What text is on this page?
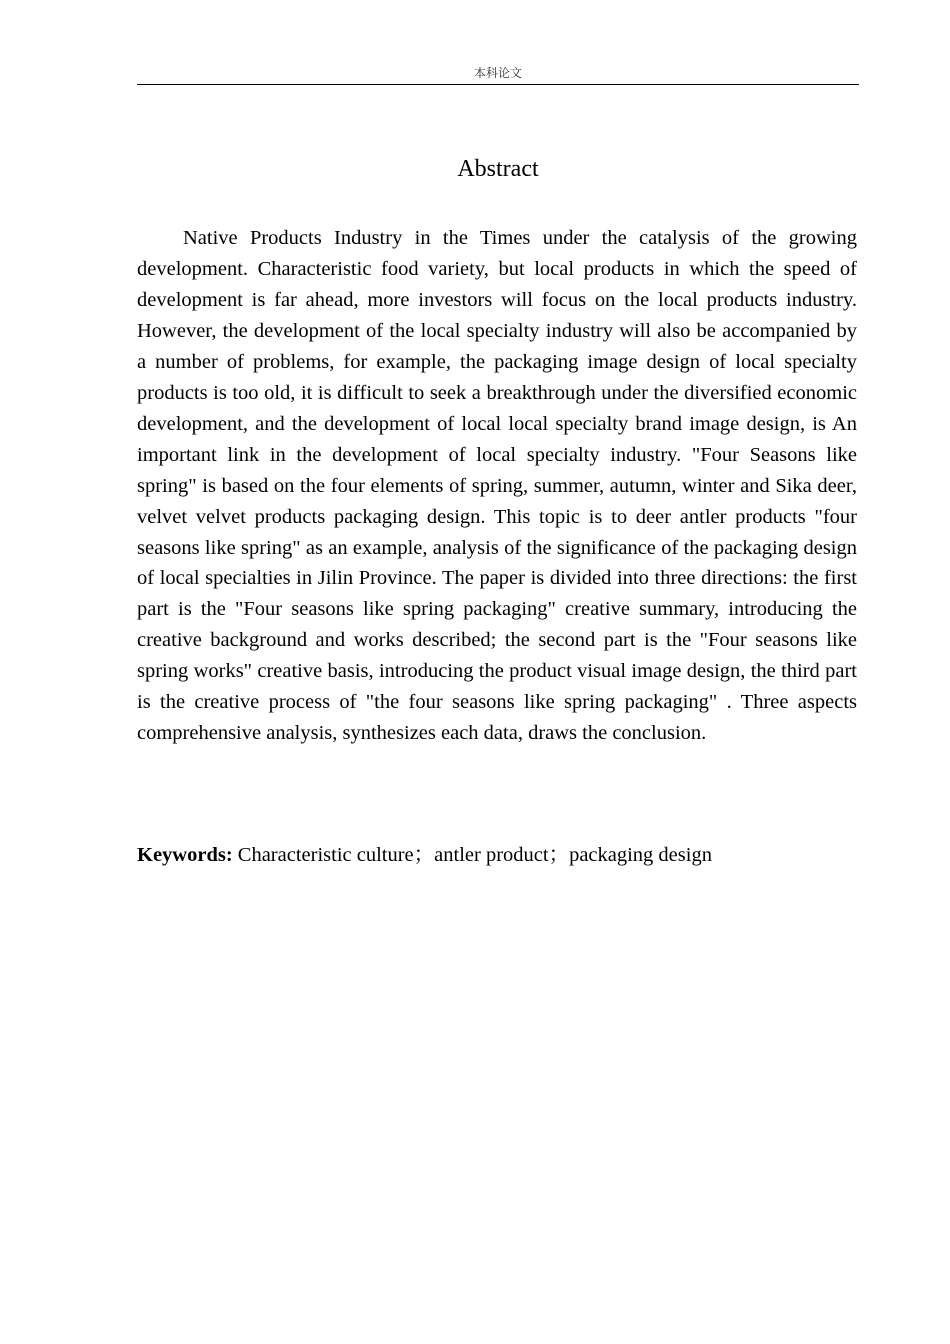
本科论文
Abstract

Native Products Industry in the Times under the catalysis of the growing development. Characteristic food variety, but local products in which the speed of development is far ahead, more investors will focus on the local products industry. However, the development of the local specialty industry will also be accompanied by a number of problems, for example, the packaging image design of local specialty products is too old, it is difficult to seek a breakthrough under the diversified economic development, and the development of local local specialty brand image design, is An important link in the development of local specialty industry. "Four Seasons like spring" is based on the four elements of spring, summer, autumn, winter and Sika deer, velvet velvet products packaging design. This topic is to deer antler products "four seasons like spring" as an example, analysis of the significance of the packaging design of local specialties in Jilin Province. The paper is divided into three directions: the first part is the "Four seasons like spring packaging" creative summary, introducing the creative background and works described; the second part is the "Four seasons like spring works" creative basis, introducing the product visual image design, the third part is the creative process of "the four seasons like spring packaging" . Three aspects comprehensive analysis, synthesizes each data, draws the conclusion.

Keywords: Characteristic culture；antler product；packaging design
